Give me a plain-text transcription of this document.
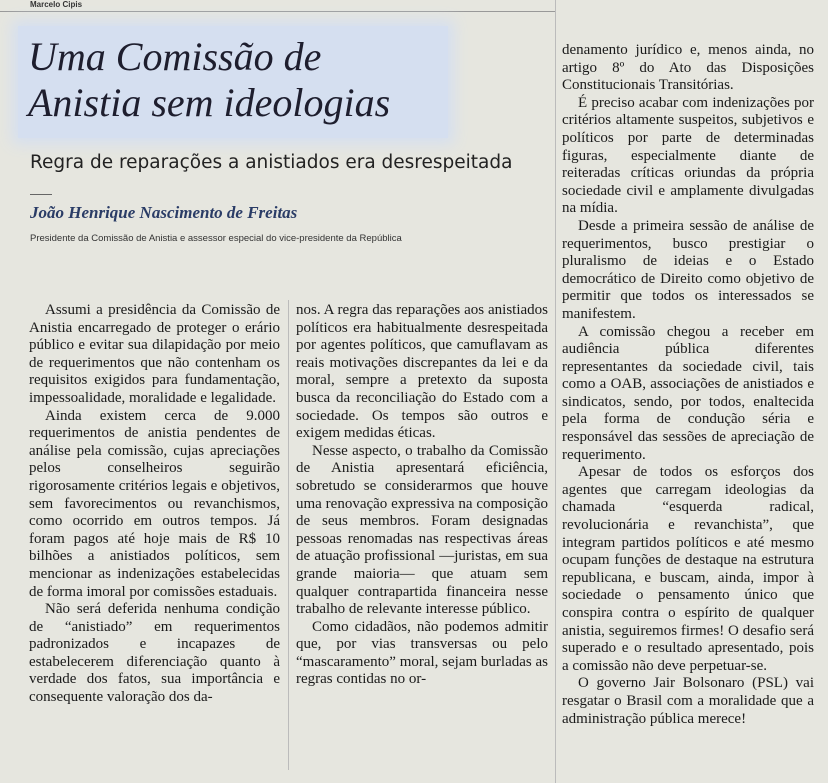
Marcelo Cipis
Uma Comissão de
Anistia sem ideologias
Regra de reparações a anistiados era desrespeitada
João Henrique Nascimento de Freitas
Presidente da Comissão de Anistia e assessor especial do vice-presidente da República

Assumi a presidência da Comissão de Anistia encarregado de proteger o erário público e evitar sua dilapidação por meio de requerimentos que não contenham os requisitos exigidos para fundamentação, impessoalidade, moralidade e legalidade.

Ainda existem cerca de 9.000 requerimentos de anistia pendentes de análise pela comissão, cujas apreciações pelos conselheiros seguirão rigorosamente critérios legais e objetivos, sem favorecimentos ou revanchismos, como ocorrido em outros tempos. Já foram pagos até hoje mais de R$ 10 bilhões a anistiados políticos, sem mencionar as indenizações estabelecidas de forma imoral por comissões estaduais.

Não será deferida nenhuma condição de “anistiado” em requerimentos padronizados e incapazes de estabelecerem diferenciação quanto à verdade dos fatos, sua importância e consequente valoração dos da-

nos. A regra das reparações aos anistiados políticos era habitualmente desrespeitada por agentes políticos, que camuflavam as reais motivações discrepantes da lei e da moral, sempre a pretexto da suposta busca da reconciliação do Estado com a sociedade. Os tempos são outros e exigem medidas éticas.

Nesse aspecto, o trabalho da Comissão de Anistia apresentará eficiência, sobretudo se considerarmos que houve uma renovação expressiva na composição de seus membros. Foram designadas pessoas renomadas nas respectivas áreas de atuação profissional —juristas, em sua grande maioria— que atuam sem qualquer contrapartida financeira nesse trabalho de relevante interesse público.

Como cidadãos, não podemos admitir que, por vias transversas ou pelo “mascaramento” moral, sejam burladas as regras contidas no or-

denamento jurídico e, menos ainda, no artigo 8º do Ato das Disposições Constitucionais Transitórias.

É preciso acabar com indenizações por critérios altamente suspeitos, subjetivos e políticos por parte de determinadas figuras, especialmente diante de reiteradas críticas oriundas da própria sociedade civil e amplamente divulgadas na mídia.

Desde a primeira sessão de análise de requerimentos, busco prestigiar o pluralismo de ideias e o Estado democrático de Direito como objetivo de permitir que todos os interessados se manifestem.

A comissão chegou a receber em audiência pública diferentes representantes da sociedade civil, tais como a OAB, associações de anistiados e sindicatos, sendo, por todos, enaltecida pela forma de condução séria e responsável das sessões de apreciação de requerimento.

Apesar de todos os esforços dos agentes que carregam ideologias da chamada “esquerda radical, revolucionária e revanchista”, que integram partidos políticos e até mesmo ocupam funções de destaque na estrutura republicana, e buscam, ainda, impor à sociedade o pensamento único que conspira contra o espírito de qualquer anistia, seguiremos firmes! O desafio será superado e o resultado apresentado, pois a comissão não deve perpetuar-se.

O governo Jair Bolsonaro (PSL) vai resgatar o Brasil com a moralidade que a administração pública merece!
